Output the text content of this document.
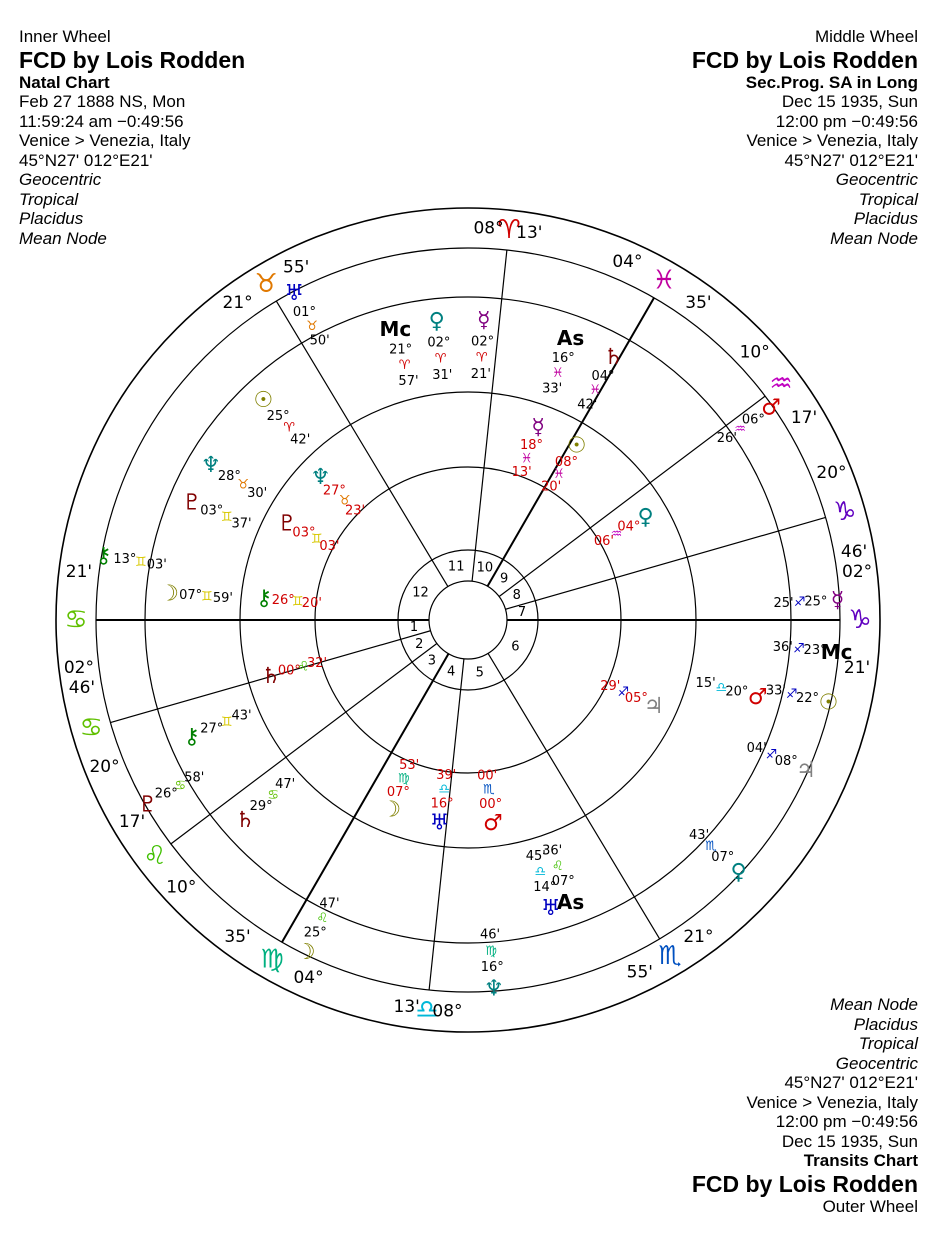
Inner Wheel
FCD by Lois Rodden
Natal Chart
Feb 27 1888 NS, Mon
11:59:24 am −0:49:56
Venice > Venezia, Italy
45°N27' 012°E21'
Geocentric
Tropical
Placidus
Mean Node
Middle Wheel
FCD by Lois Rodden
Sec.Prog. SA in Long
Dec 15 1935, Sun
12:00 pm −0:49:56
Venice > Venezia, Italy
45°N27' 012°E21'
Geocentric
Tropical
Placidus
Mean Node
Mean Node
Placidus
Tropical
Geocentric
45°N27' 012°E21'
Venice > Venezia, Italy
12:00 pm −0:49:56
Dec 15 1935, Sun
Transits Chart
FCD by Lois Rodden
Outer Wheel
1
2
3
4 5
6
7
8
9
10
11
12
♋︎
02°
21'
♋︎
20°
46'
♌︎
10°
17'
♍︎
04°
35'
♎︎
08°
13'
♏︎
21°
55'
♑︎
02°
21'
♑︎
20°
46'
♒︎
10°
17'
♓︎
04°
35'
♈︎
08° 13'
♉︎
21°
55'
☿︎
18°
♓︎
13'
☉︎
08°
♓︎
20'
♀︎
04°
♒︎
06'
♆︎
27°
♉︎
23'
♇︎
03°
♊︎
03'
⚷︎ 26°
♊︎
20'
♄︎
00°
♌︎
32'
☽︎
07°
♍︎
53'
♂︎
00°
♏︎
00'
♅︎
16°
♎︎
39'
♃︎
05°
♐︎
29'
As
16°
♓︎
33'
♄︎
04°
♓︎
42'
♀︎
02°
♈︎
31'
☿︎
02°
♈︎
21'
Mc
21°
♈︎
57'
☉︎
25°
♈︎
42'
♆︎
28°
♉︎
30'
♇︎
03°
♊︎ 37'
☽︎ 07°
♊︎ 59'
⚷︎ 27°
♊︎ 43'
♄︎
29°
♋︎
47'
As
07°
♌︎
36'
♅︎
14°
♎︎
45'
♂︎
20°
♎︎
15'
☿︎
25°
♐︎
25'
Mc
23°
♐︎
36'
☉︎
22°
♐︎
33'
♃︎
08°
♐︎
04'
♀︎
07°
♏︎
43'
♆︎
16°
♍︎
46'
☽︎
25°
♌︎
47'
♇︎
26°
♋︎
58'
⚷︎ 13°
♊︎ 03'
♅︎
01°
♉︎
50'
♂︎
06°
♒︎
26'
